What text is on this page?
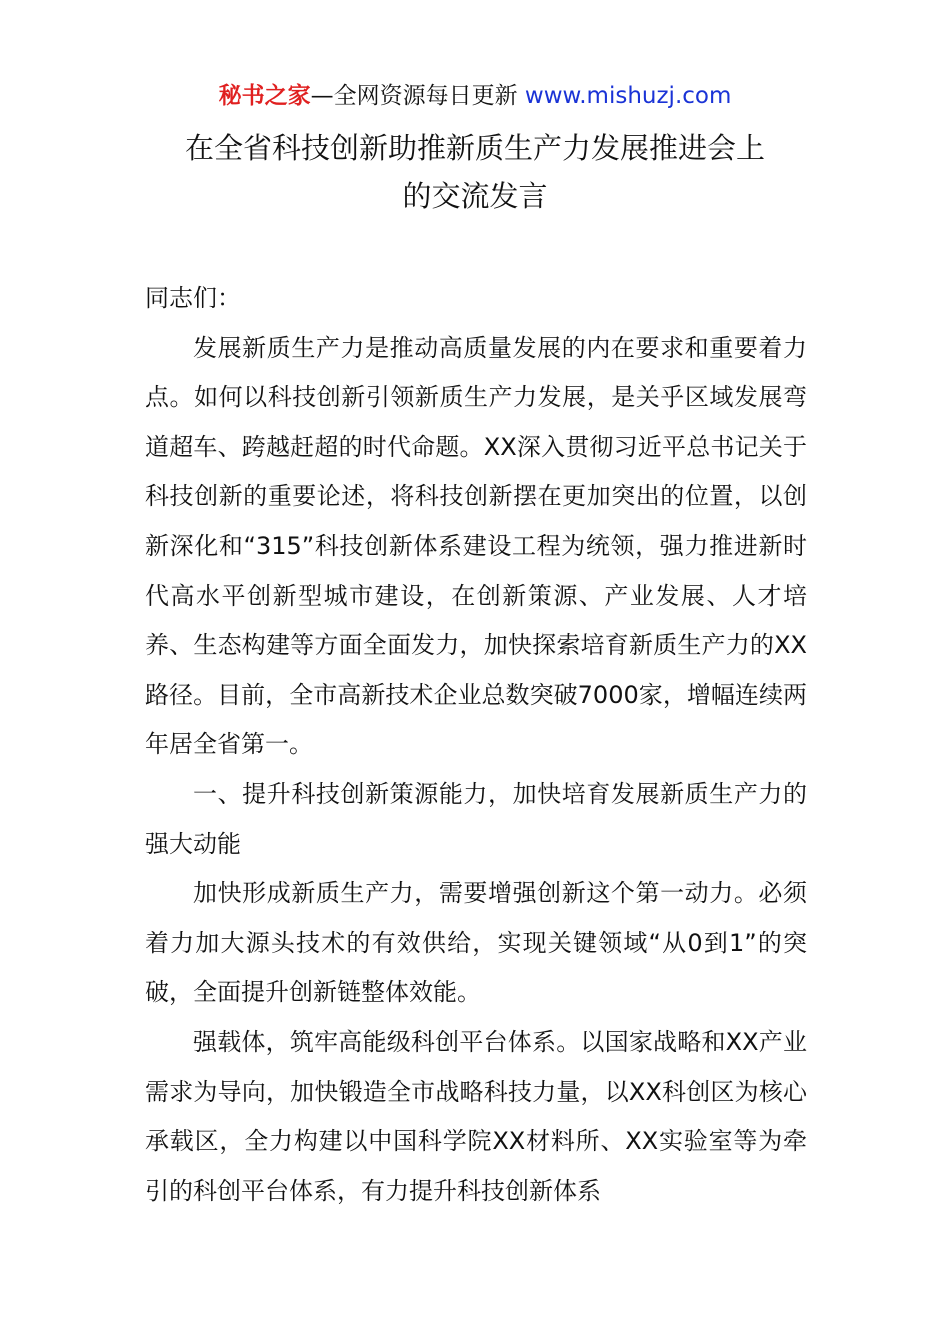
秘书之家—全网资源每日更新 www.mishuzj.com
在全省科技创新助推新质生产力发展推进会上
的交流发言

同志们：

发展新质生产力是推动高质量发展的内在要求和重要着力点。如何以科技创新引领新质生产力发展，是关乎区域发展弯道超车、跨越赶超的时代命题。XX深入贯彻习近平总书记关于科技创新的重要论述，将科技创新摆在更加突出的位置，以创新深化和“315”科技创新体系建设工程为统领，强力推进新时代高水平创新型城市建设，在创新策源、产业发展、人才培养、生态构建等方面全面发力，加快探索培育新质生产力的XX路径。目前，全市高新技术企业总数突破7000家，增幅连续两年居全省第一。

一、提升科技创新策源能力，加快培育发展新质生产力的强大动能

加快形成新质生产力，需要增强创新这个第一动力。必须着力加大源头技术的有效供给，实现关键领域“从0到1”的突破，全面提升创新链整体效能。

强载体，筑牢高能级科创平台体系。以国家战略和XX产业需求为导向，加快锻造全市战略科技力量，以XX科创区为核心承载区，全力构建以中国科学院XX材料所、XX实验室等为牵引的科创平台体系，有力提升科技创新体系
